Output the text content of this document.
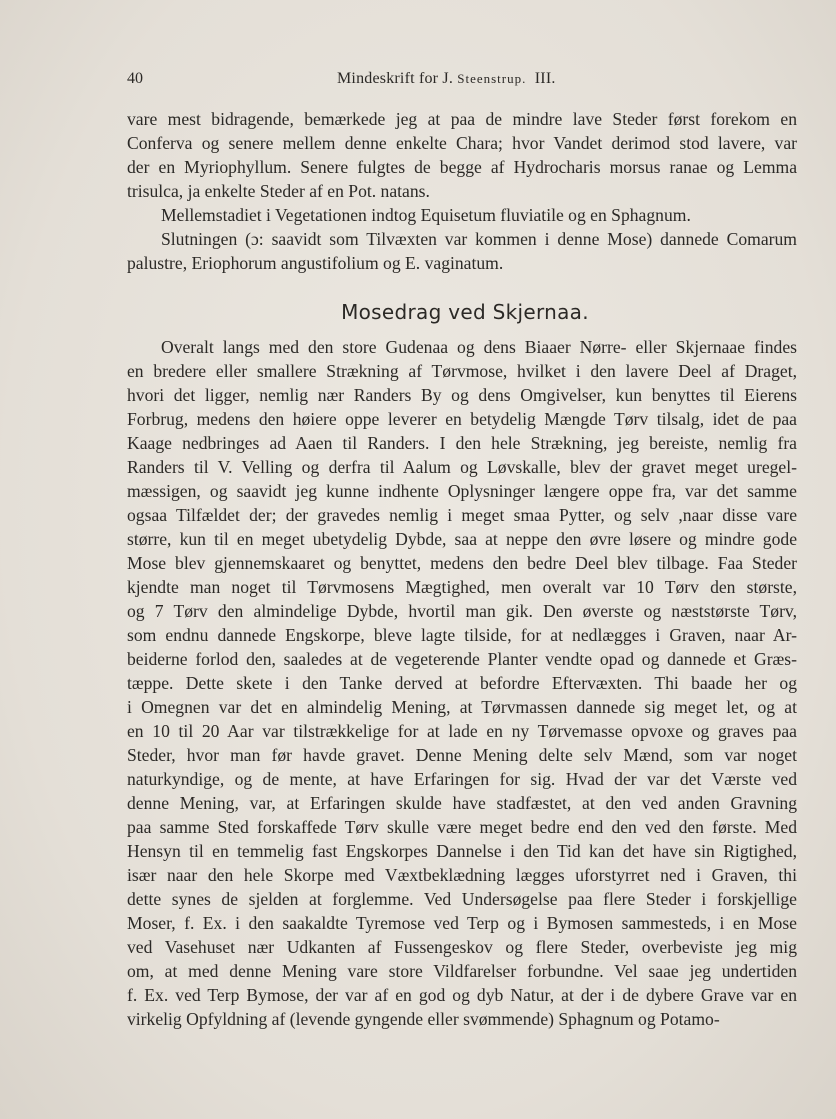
40	Mindeskrift for J. Steenstrup. III.
vare mest bidragende, bemærkede jeg at paa de mindre lave Steder først forekom en
Conferva og senere mellem denne enkelte Chara; hvor Vandet derimod stod lavere, var
der en Myriophyllum. Senere fulgtes de begge af Hydrocharis morsus ranae og Lemma
trisulca, ja enkelte Steder af en Pot. natans.
Mellemstadiet i Vegetationen indtog Equisetum fluviatile og en Sphagnum.
Slutningen (ɔ: saavidt som Tilvæxten var kommen i denne Mose) dannede Comarum
palustre, Eriophorum angustifolium og E. vaginatum.
Mosedrag ved Skjernaa.
Overalt langs med den store Gudenaa og dens Biaaer Nørre- eller Skjernaae findes
en bredere eller smallere Strækning af Tørvmose, hvilket i den lavere Deel af Draget,
hvori det ligger, nemlig nær Randers By og dens Omgivelser, kun benyttes til Eierens
Forbrug, medens den høiere oppe leverer en betydelig Mængde Tørv tilsalg, idet de paa
Kaage nedbringes ad Aaen til Randers. I den hele Strækning, jeg bereiste, nemlig fra
Randers til V. Velling og derfra til Aalum og Løvskalle, blev der gravet meget uregel-
mæssigen, og saavidt jeg kunne indhente Oplysninger længere oppe fra, var det samme
ogsaa Tilfældet der; der gravedes nemlig i meget smaa Pytter, og selv ,naar disse vare
større, kun til en meget ubetydelig Dybde, saa at neppe den øvre løsere og mindre gode
Mose blev gjennemskaaret og benyttet, medens den bedre Deel blev tilbage. Faa Steder
kjendte man noget til Tørvmosens Mægtighed, men overalt var 10 Tørv den største,
og 7 Tørv den almindelige Dybde, hvortil man gik. Den øverste og næststørste Tørv,
som endnu dannede Engskorpe, bleve lagte tilside, for at nedlægges i Graven, naar Ar-
beiderne forlod den, saaledes at de vegeterende Planter vendte opad og dannede et Græs-
tæppe. Dette skete i den Tanke derved at befordre Eftervæxten. Thi baade her og
i Omegnen var det en almindelig Mening, at Tørvmassen dannede sig meget let, og at
en 10 til 20 Aar var tilstrækkelige for at lade en ny Tørvemasse opvoxe og graves paa
Steder, hvor man før havde gravet. Denne Mening delte selv Mænd, som var noget
naturkyndige, og de mente, at have Erfaringen for sig. Hvad der var det Værste ved
denne Mening, var, at Erfaringen skulde have stadfæstet, at den ved anden Gravning
paa samme Sted forskaffede Tørv skulle være meget bedre end den ved den første. Med
Hensyn til en temmelig fast Engskorpes Dannelse i den Tid kan det have sin Rigtighed,
især naar den hele Skorpe med Væxtbeklædning lægges uforstyrret ned i Graven, thi
dette synes de sjelden at forglemme. Ved Undersøgelse paa flere Steder i forskjellige
Moser, f. Ex. i den saakaldte Tyremose ved Terp og i Bymosen sammesteds, i en Mose
ved Vasehuset nær Udkanten af Fussengeskov og flere Steder, overbeviste jeg mig
om, at med denne Mening vare store Vildfarelser forbundne. Vel saae jeg undertiden
f. Ex. ved Terp Bymose, der var af en god og dyb Natur, at der i de dybere Grave var en
virkelig Opfyldning af (levende gyngende eller svømmende) Sphagnum og Potamo-
